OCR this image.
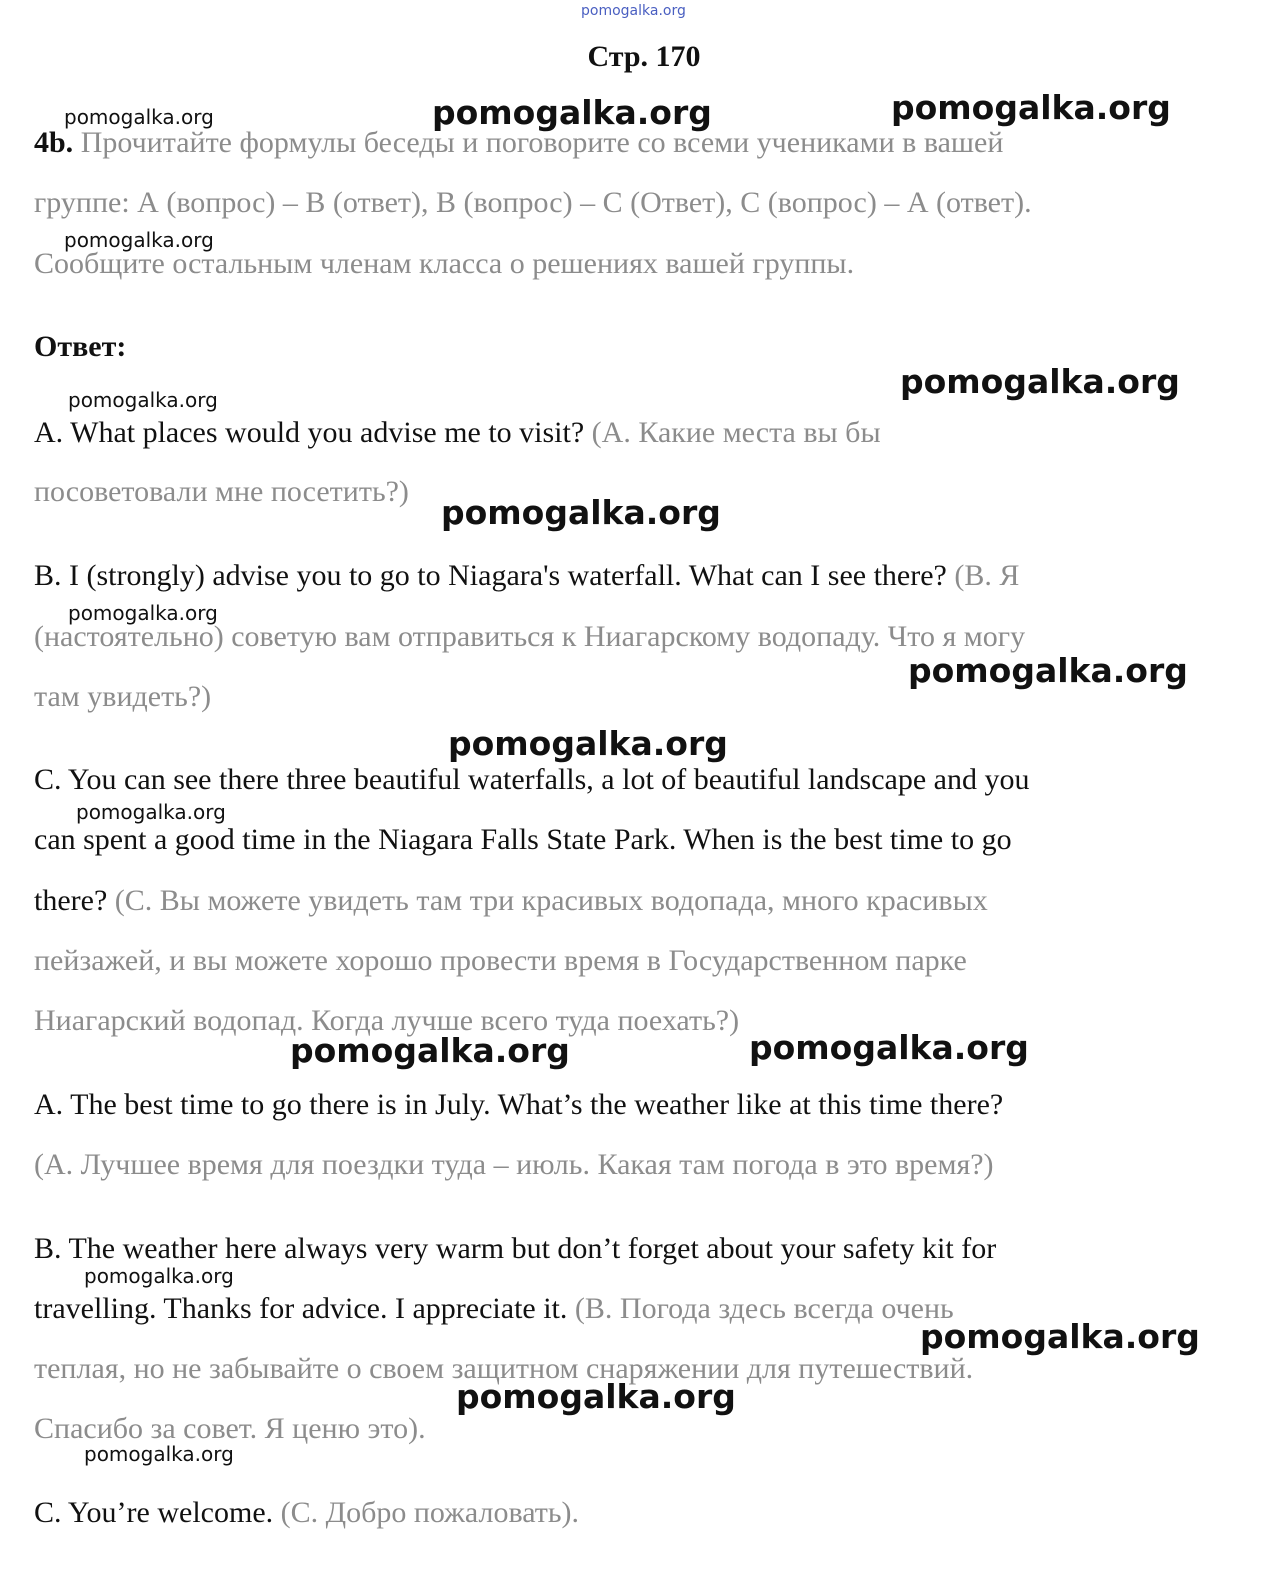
pomogalka.org
Стр. 170
4b. Прочитайте формулы беседы и поговорите со всеми учениками в вашей
группе: А (вопрос) – В (ответ), В (вопрос) – С (Ответ), С (вопрос) – А (ответ).
Сообщите остальным членам класса о решениях вашей группы.
Ответ:
A. What places would you advise me to visit? (А. Какие места вы бы
посоветовали мне посетить?)
B. I (strongly) advise you to go to Niagara's waterfall. What can I see there? (В. Я
(настоятельно) советую вам отправиться к Ниагарскому водопаду. Что я могу
там увидеть?)
C. You can see there three beautiful waterfalls, a lot of beautiful landscape and you
can spent a good time in the Niagara Falls State Park. When is the best time to go
there? (С. Вы можете увидеть там три красивых водопада, много красивых
пейзажей, и вы можете хорошо провести время в Государственном парке
Ниагарский водопад. Когда лучше всего туда поехать?)
A. The best time to go there is in July. What’s the weather like at this time there?
(А. Лучшее время для поездки туда – июль. Какая там погода в это время?)
B. The weather here always very warm but don’t forget about your safety kit for
travelling. Thanks for advice. I appreciate it. (В. Погода здесь всегда очень
теплая, но не забывайте о своем защитном снаряжении для путешествий.
Спасибо за совет. Я ценю это).
C. You’re welcome. (С. Добро пожаловать).
pomogalka.org	pomogalka.org	pomogalka.org
pomogalka.org
pomogalka.org
pomogalka.org
pomogalka.org
pomogalka.org
pomogalka.org
pomogalka.org
pomogalka.org
pomogalka.org	pomogalka.org
pomogalka.org
pomogalka.org
pomogalka.org
pomogalka.org
